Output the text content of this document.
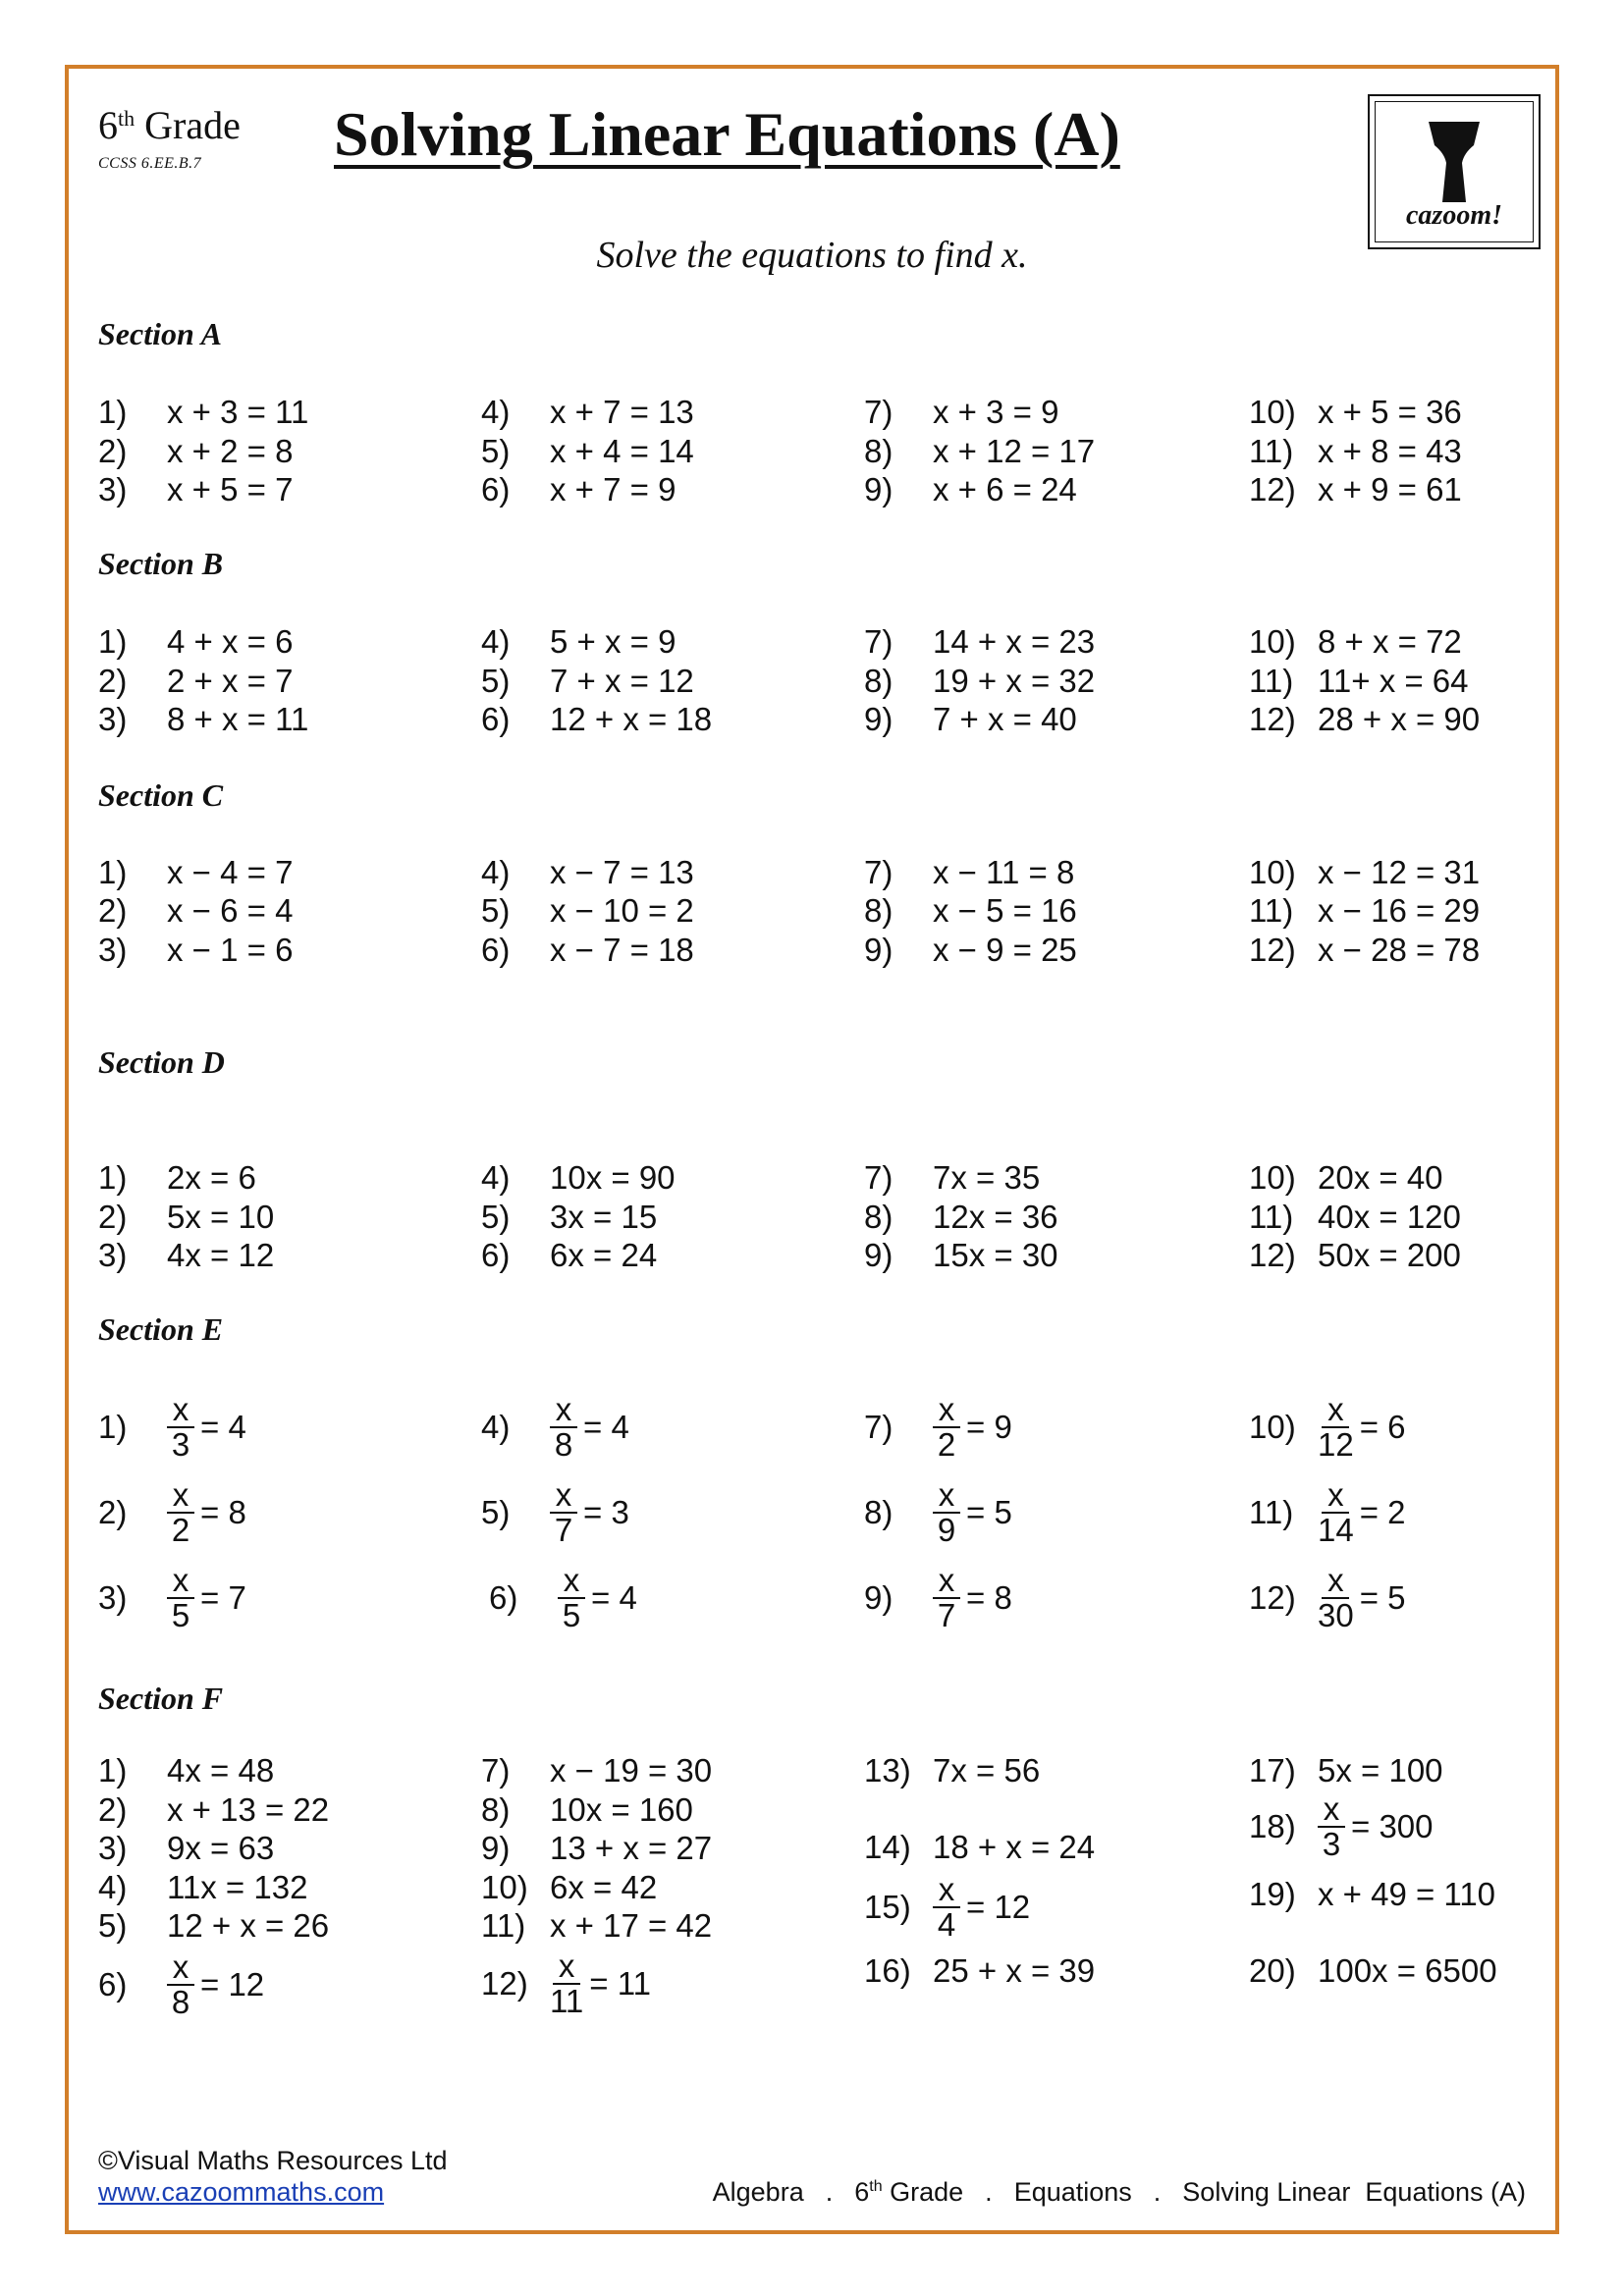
6th Grade
CCSS 6.EE.B.7 Solving Linear Equations (A)
cazoom!
Solve the equations to find x.
Section A
Section B
Section C
Section D
Section E
Section F
1)	x + 3 = 11
2)	x + 2 = 8
3)	x + 5 = 7
4)	x + 7 = 13
5)	x + 4 = 14
6)	x + 7 = 9
7)	x + 3 = 9
8)	x + 12 = 17
9)	x + 6 = 24
10) x + 5 = 36
11) x + 8 = 43
12) x + 9 = 61
1)	4 + x = 6
2)	2 + x = 7
3)	8 + x = 11
4)	5 + x = 9
5)	7 + x = 12
6)	12 + x = 18
7)	14 + x = 23
8)	19 + x = 32
9)	7 + x = 40
10) 8 + x = 72
11) 11+ x = 64
12) 28 + x = 90
1)	x − 4 = 7
2)	x − 6 = 4
3)	x − 1 = 6
4)	x − 7 = 13
5)	x − 10 = 2
6)	x − 7 = 18
7)	x − 11 = 8
8)	x − 5 = 16
9)	x − 9 = 25
10) x − 12 = 31
11) x − 16 = 29
12) x − 28 = 78
1)	2x = 6
2)	5x = 10
3)	4x = 12
4)	10x = 90
5)	3x = 15
6)	6x = 24
7)	7x = 35
8)	12x = 36
9)	15x = 30
10) 20x = 40
11) 40x = 120
12) 50x = 200
1)	$\frac{x}{3} = 4$
2)	$\frac{x}{2} = 8$
3)	$\frac{x}{5} = 7$
4)	$\frac{x}{8} = 4$
5)	$\frac{x}{7} = 3$
6)	$\frac{x}{5} = 4$
7)	$\frac{x}{2} = 9$
8)	$\frac{x}{9} = 5$
9)	$\frac{x}{7} = 8$
$10) \frac{x}{12} = 6$
$11) \frac{x}{14} = 2$
$12) \frac{x}{30} = 5$
1)	4x = 48
2)	x + 13 = 22
3)	9x = 63
4)	11x = 132
5)	12 + x = 26
6)	$\frac{x}{8} = 12$
7)	x − 19 = 30
8)	10x = 160
9)	13 + x = 27
10) 6x = 42
11) x + 17 = 42
$12) \frac{x}{11} = 11$
13) 7x = 56
14) 18 + x = 24
$15) \frac{x}{4} = 12$
16) 25 + x = 39
17) 5x = 100
$18) \frac{x}{3} = 300$
19) x + 49 = 110
20) 100x = 6500
©Visual Maths Resources Ltd
www.cazoommaths.com	Algebra . 6th Grade . Equations . Solving Linear  Equations (A)
